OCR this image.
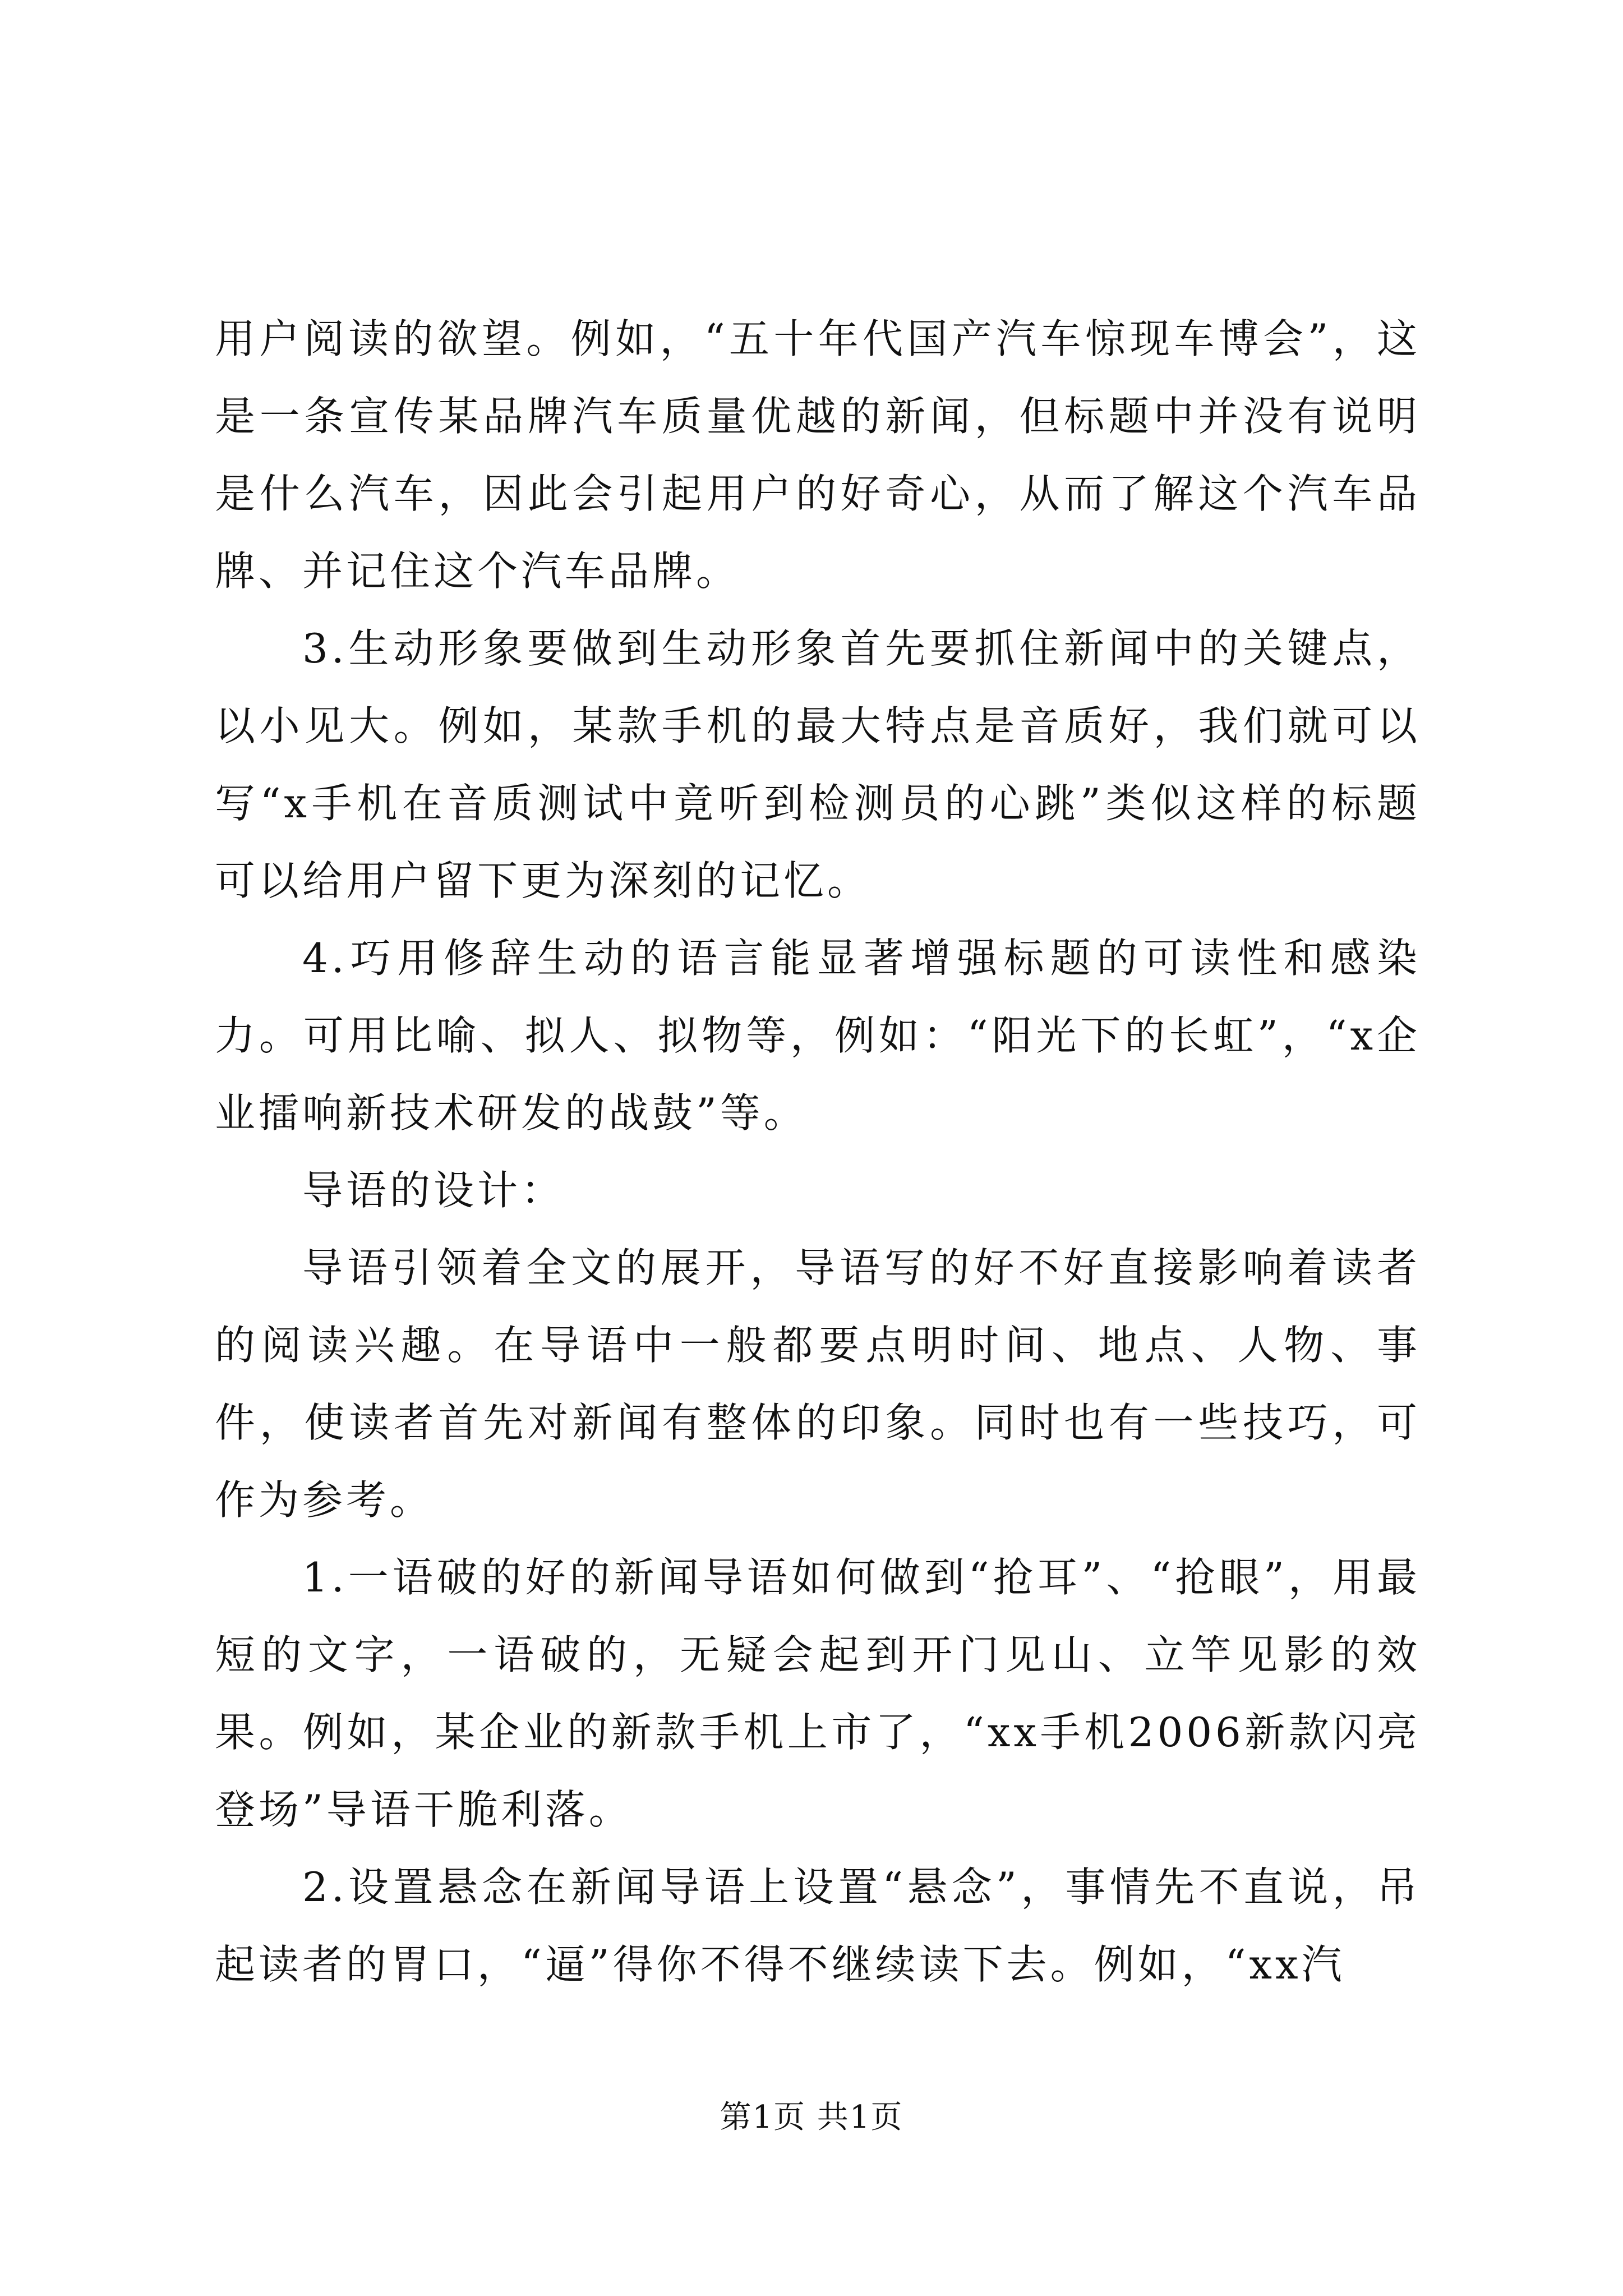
用户阅读的欲望。例如，“五十年代国产汽车惊现车博会”，这是一条宣传某品牌汽车质量优越的新闻，但标题中并没有说明是什么汽车，因此会引起用户的好奇心，从而了解这个汽车品牌、并记住这个汽车品牌。

3.生动形象要做到生动形象首先要抓住新闻中的关键点，以小见大。例如，某款手机的最大特点是音质好，我们就可以写“x手机在音质测试中竟听到检测员的心跳”类似这样的标题可以给用户留下更为深刻的记忆。

4.巧用修辞生动的语言能显著增强标题的可读性和感染力。可用比喻、拟人、拟物等，例如：“阳光下的长虹”，“x企业擂响新技术研发的战鼓”等。

导语的设计：

导语引领着全文的展开，导语写的好不好直接影响着读者的阅读兴趣。在导语中一般都要点明时间、地点、人物、事件，使读者首先对新闻有整体的印象。同时也有一些技巧，可作为参考。

1.一语破的好的新闻导语如何做到“抢耳”、“抢眼”，用最短的文字，一语破的，无疑会起到开门见山、立竿见影的效果。例如，某企业的新款手机上市了，“xx手机2006新款闪亮登场”导语干脆利落。

2.设置悬念在新闻导语上设置“悬念”，事情先不直说，吊起读者的胃口，“逼”得你不得不继续读下去。例如，“xx汽

第1页 共1页
